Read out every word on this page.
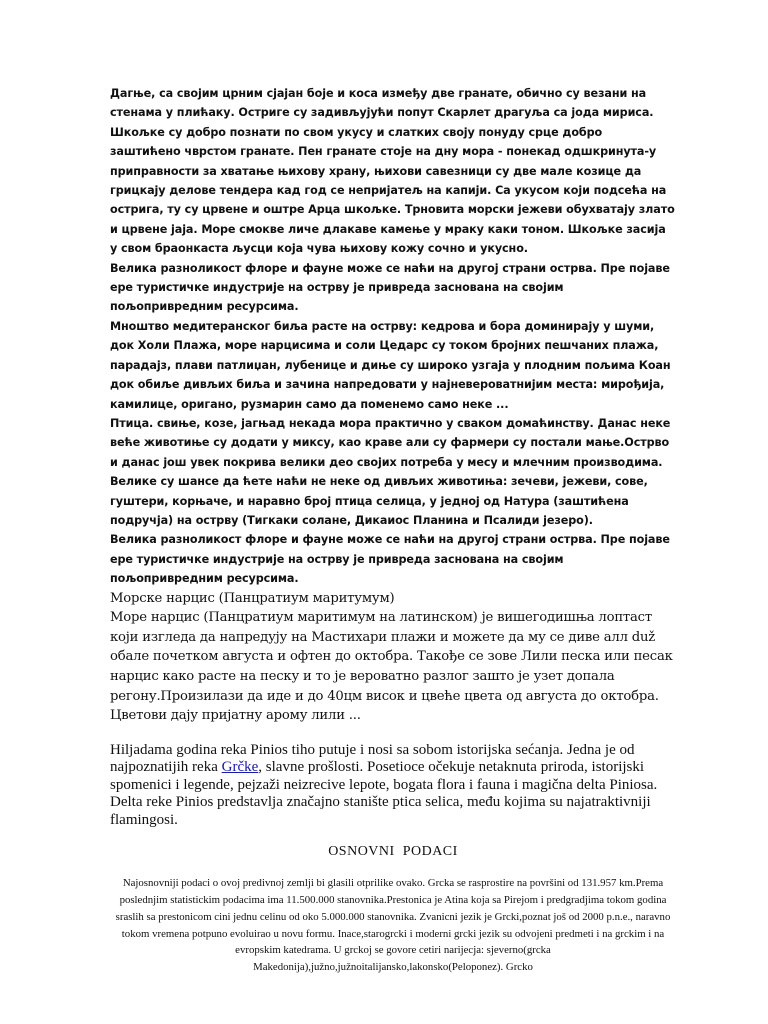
Дагње, са својим црним сјајан боје и коса између две гранате, обично су везани на стенама у плићаку. Остриге су задивљујући попут Скарлет драгуља са јода мириса. Шкољке су добро познати по свом укусу и слатких своју понуду срце добро заштићено чврстом гранате. Пен гранате стоје на дну мора - понекад одшкринута-у приправности за хватање њихову храну, њихови савезници су две мале козице да грицкају делове тендера кад год се непријатељ на капији. Са укусом који подсећа на острига, ту су црвене и оштре Арца шкољке. Трновита морски јежеви обухватају злато и црвене јаја. Море смокве личе длакаве камење у мраку каки тоном. Шкољке засија у свом браонкаста љусци која чува њихову кожу сочно и укусно.

Велика разноликост флоре и фауне може се наћи на другој страни острва. Пре појаве ере туристичке индустрије на острву је привреда заснована на својим пољопривредним ресурсима.

Мноштво медитеранског биља расте на острву: кедрова и бора доминирају у шуми, док Холи Плажа, море нарцисима и соли Цедарс су током бројних пешчаних плажа, парадајз, плави патлиџан, лубенице и диње су широко узгаја у плодним пољима Коан док обиље дивљих биља и зачина напредовати у најневероватнијим места: мирођија, камилице, оригано, рузмарин само да поменемо само неке ...

Птица. свиње, козе, јагњад некада мора практично у сваком домаћинству. Данас неке веће животиње су додати у миксу, као краве али су фармери су постали мање.Острво и данас још увек покрива велики део својих потреба у месу и млечним производима.

Велике су шансе да ћете наћи не неке од дивљих животиња: зечеви, јежеви, сове, гуштери, корњаче, и наравно број птица селица, у једној од Натура (заштићена подручја) на острву (Тигкаки солане, Дикаиос Планина и Псалиди језеро).

Велика разноликост флоре и фауне може се наћи на другој страни острва. Пре појаве ере туристичке индустрије на острву је привреда заснована на својим пољопривредним ресурсима.

Морске нарцис (Панцратиум маритумум)

Море нарцис (Панцратиум маритимум на латинском) је вишегодишња лоптаст који изгледа да напредују на Мастихари плажи и можете да му се диве алл duž обале почетком августа и офтен до октобра. Такође се зове Лили песка или песак нарцис како расте на песку и то је вероватно разлог зашто је узет допала регону.Произилази да иде и до 40цм висок и цвеће цвета од августа до октобра. Цветови дају пријатну арому лили ...

Hiljadama godina reka Pinios tiho putuje i nosi sa sobom istorijska sećanja. Jedna je od najpoznatijih reka Grčke, slavne prošlosti. Posetioce očekuje netaknuta priroda, istorijski spomenici i legende, pejzaži neizrecive lepote, bogata flora i fauna i magična delta Piniosa. Delta reke Pinios predstavlja značajno stanište ptica selica, među kojima su najatraktivniji flamingosi.

OSNOVNI PODACI

Najosnovniji podaci o ovoj predivnoj zemlji bi glasili otprilike ovako. Grcka se rasprostire na površini od 131.957 km.Prema poslednjim statistickim podacima ima 11.500.000 stanovnika.Prestonica je Atina koja sa Pirejom i predgradjima tokom godina sraslih sa prestonicom cini jednu celinu od oko 5.000.000 stanovnika. Zvanicni jezik je Grcki,poznat još od 2000 p.n.e., naravno tokom vremena potpuno evoluirao u novu formu. Inace,starogrcki i moderni grcki jezik su odvojeni predmeti i na grckim i na evropskim katedrama. U grckoj se govore cetiri narijecja: sjeverno(grcka Makedonija),južno,južnoitalijansko,lakonsko(Peloponez). Grcko
